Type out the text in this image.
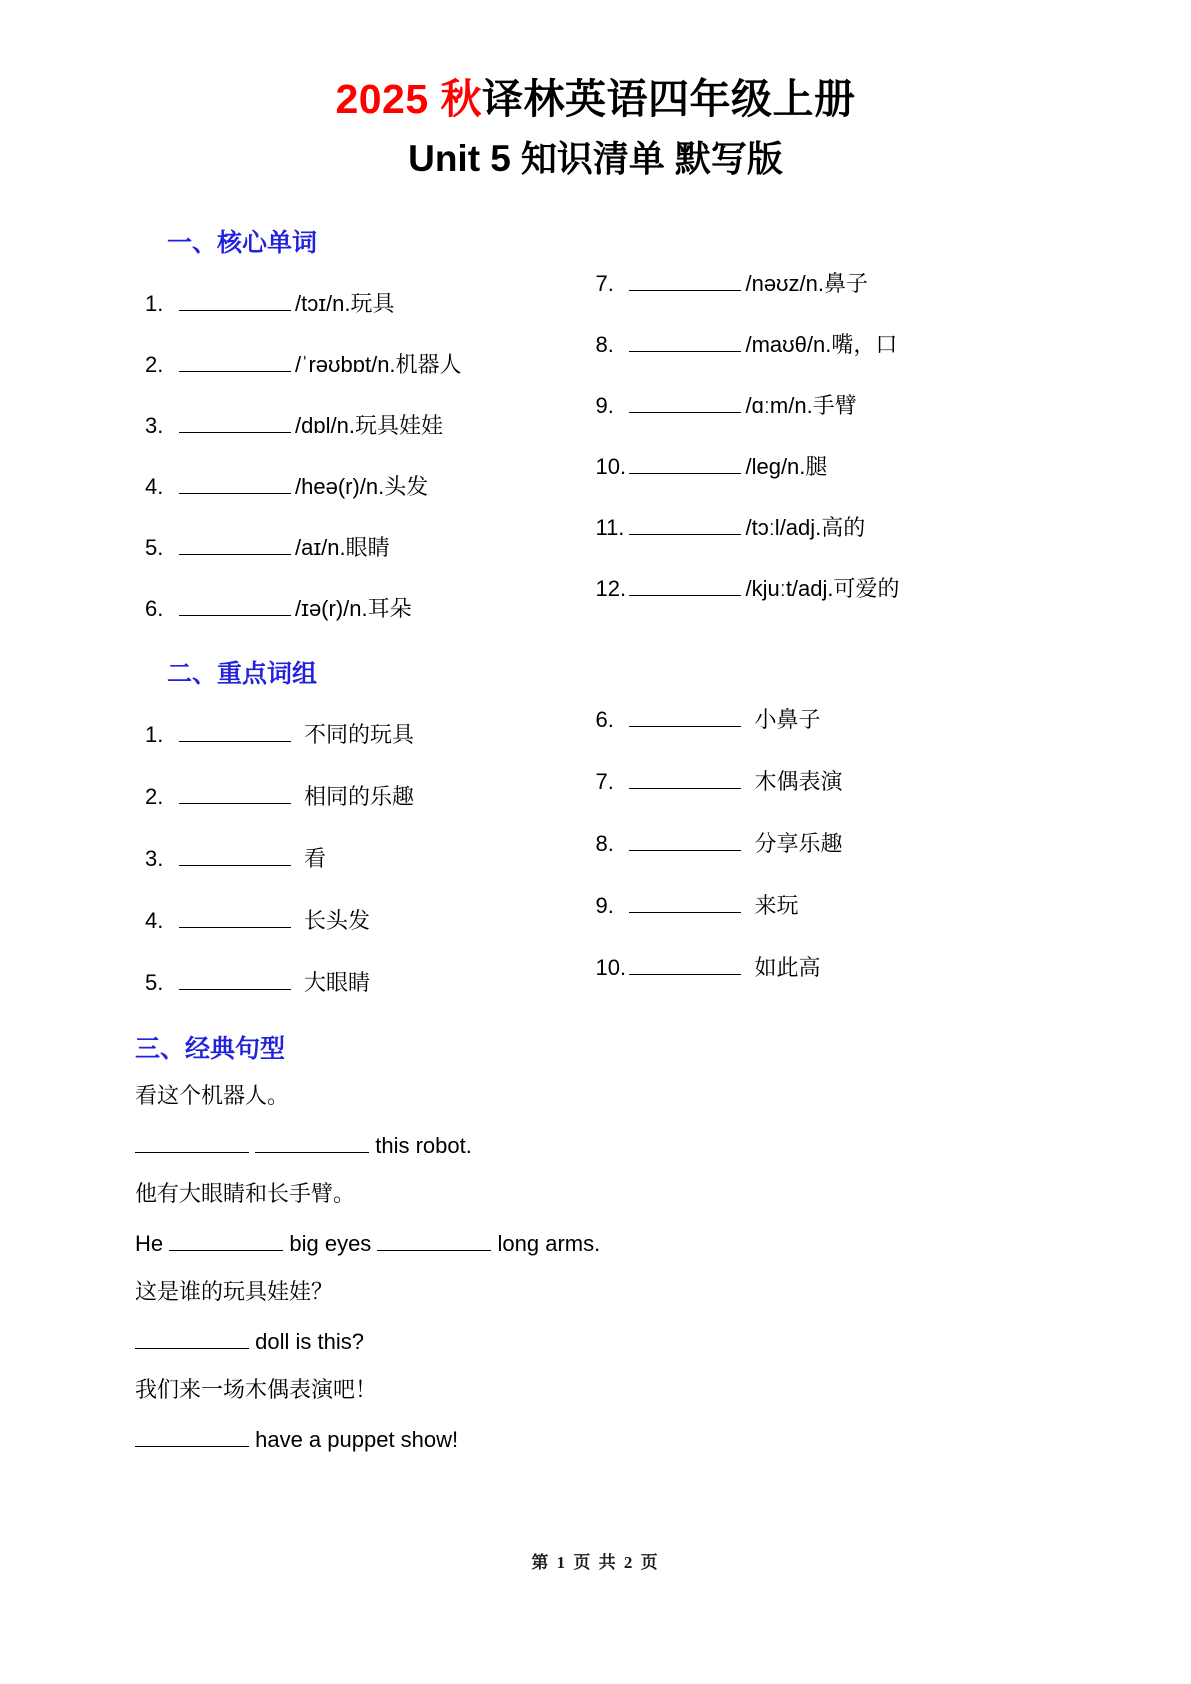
2025 秋译林英语四年级上册
Unit 5 知识清单 默写版
一、核心单词
1.	/tɔɪ/n. 玩具
2.	/ˈrəʊbɒt/n. 机器人
3.	/dɒl/n. 玩具娃娃
4.	/heə(r)/n. 头发
5.	/aɪ/n. 眼睛
6.	/ɪə(r)/n. 耳朵
7.	/nəʊz/n. 鼻子
8.	/maʊθ/n. 嘴，口
9.	/ɑːm/n. 手臂
10.	/leg/n. 腿
11.	/tɔːl/adj. 高的
12.	/kjuːt/adj. 可爱的
二、重点词组
1.	不同的玩具
2.	相同的乐趣
3.	看
4.	长头发
5.	大眼睛
6.	小鼻子
7.	木偶表演
8.	分享乐趣
9.	来玩
10.	如此高
三、经典句型
看这个机器人。
this robot.
他有大眼睛和长手臂。
He	big eyes	long arms.
这是谁的玩具娃娃？
doll is this?
我们来一场木偶表演吧！
have a puppet show!
第 1 页 共 2 页
